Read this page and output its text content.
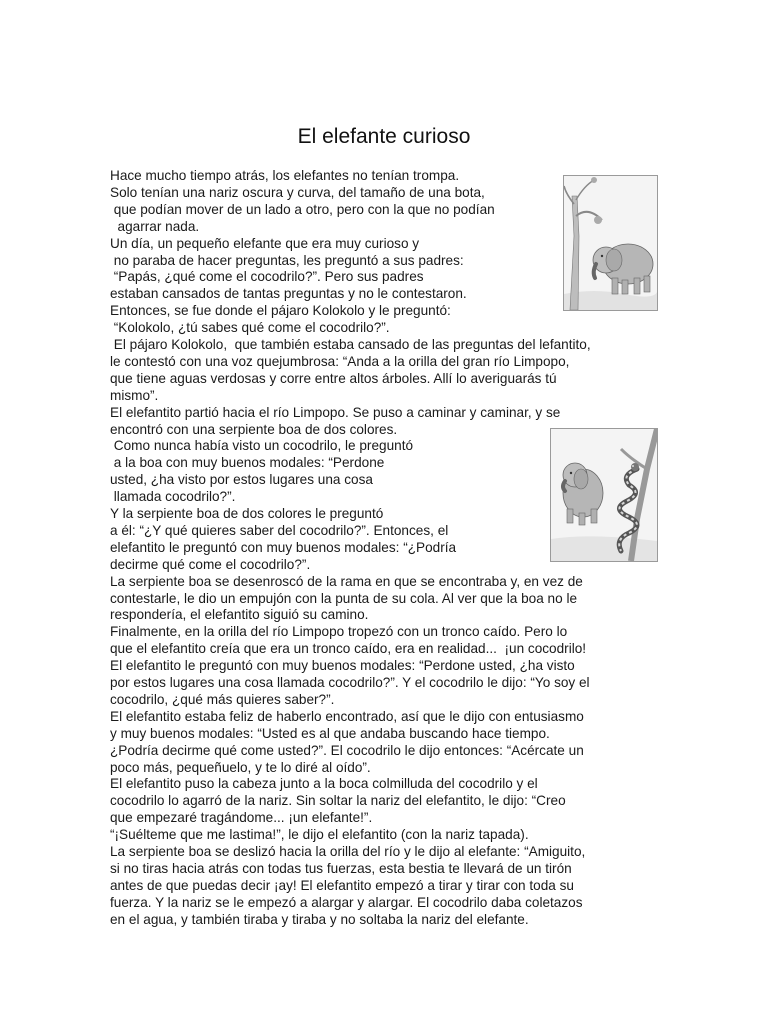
El elefante curioso
Hace mucho tiempo atrás, los elefantes no tenían trompa.
Solo tenían una nariz oscura y curva, del tamaño de una bota,
que podían mover de un lado a otro, pero con la que no podían
agarrar nada.
Un día, un pequeño elefante que era muy curioso y
no paraba de hacer preguntas, les preguntó a sus padres:
“Papás, ¿qué come el cocodrilo?”. Pero sus padres
estaban cansados de tantas preguntas y no le contestaron.
Entonces, se fue donde el pájaro Kolokolo y le preguntó:
“Kolokolo, ¿tú sabes qué come el cocodrilo?”.
El pájaro Kolokolo,  que también estaba cansado de las preguntas del lefantito,
le contestó con una voz quejumbrosa: “Anda a la orilla del gran río Limpopo,
que tiene aguas verdosas y corre entre altos árboles. Allí lo averiguarás tú
mismo”.
El elefantito partió hacia el río Limpopo. Se puso a caminar y caminar, y se
encontró con una serpiente boa de dos colores.
Como nunca había visto un cocodrilo, le preguntó
a la boa con muy buenos modales: “Perdone
usted, ¿ha visto por estos lugares una cosa
llamada cocodrilo?”.
Y la serpiente boa de dos colores le preguntó
a él: “¿Y qué quieres saber del cocodrilo?”. Entonces, el
elefantito le preguntó con muy buenos modales: “¿Podría
decirme qué come el cocodrilo?”.
La serpiente boa se desenroscó de la rama en que se encontraba y, en vez de
contestarle, le dio un empujón con la punta de su cola. Al ver que la boa no le
respondería, el elefantito siguió su camino.
Finalmente, en la orilla del río Limpopo tropezó con un tronco caído. Pero lo
que el elefantito creía que era un tronco caído, era en realidad...  ¡un cocodrilo!
El elefantito le preguntó con muy buenos modales: “Perdone usted, ¿ha visto
por estos lugares una cosa llamada cocodrilo?”. Y el cocodrilo le dijo: “Yo soy el
cocodrilo, ¿qué más quieres saber?”.
El elefantito estaba feliz de haberlo encontrado, así que le dijo con entusiasmo
y muy buenos modales: “Usted es al que andaba buscando hace tiempo.
¿Podría decirme qué come usted?”. El cocodrilo le dijo entonces: “Acércate un
poco más, pequeñuelo, y te lo diré al oído”.
El elefantito puso la cabeza junto a la boca colmilluda del cocodrilo y el
cocodrilo lo agarró de la nariz. Sin soltar la nariz del elefantito, le dijo: “Creo
que empezaré tragándome... ¡un elefante!”.
“¡Suélteme que me lastima!”, le dijo el elefantito (con la nariz tapada).
La serpiente boa se deslizó hacia la orilla del río y le dijo al elefante: “Amiguito,
si no tiras hacia atrás con todas tus fuerzas, esta bestia te llevará de un tirón
antes de que puedas decir ¡ay! El elefantito empezó a tirar y tirar con toda su
fuerza. Y la nariz se le empezó a alargar y alargar. El cocodrilo daba coletazos
en el agua, y también tiraba y tiraba y no soltaba la nariz del elefante.
